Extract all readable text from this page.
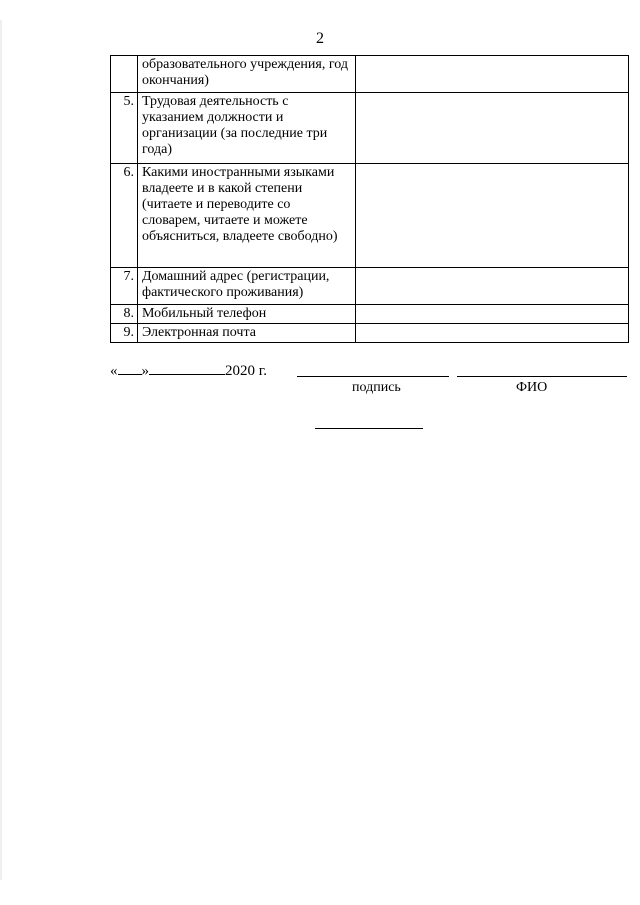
2
	образовательного учреждения, год окончания)	
5.	Трудовая деятельность с указанием должности и организации (за последние три года)	
6.	Какими иностранными языками владеете и в какой степени (читаете и переводите со словарем, читаете и можете объясниться, владеете свободно)	
7.	Домашний адрес (регистрации, фактического проживания)	
8.	Мобильный телефон	
9.	Электронная почта	
« »	2020 г.
подпись	ФИО
